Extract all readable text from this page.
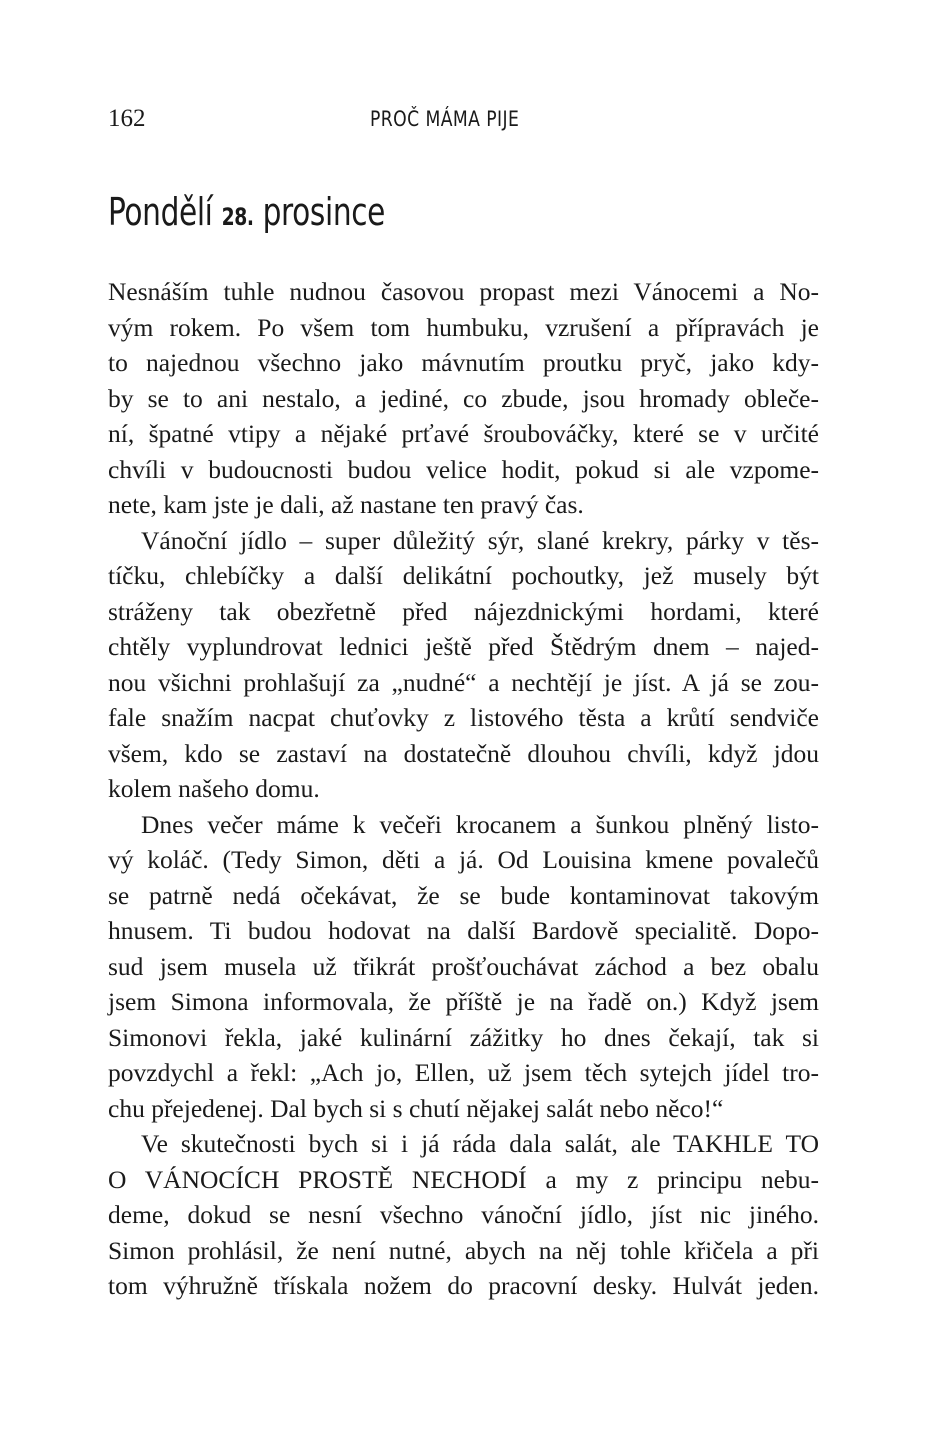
162	PROČ MÁMA PIJE
Pondělí 28. prosince

Nesnáším tuhle nudnou časovou propast mezi Vánocemi a No-
vým rokem. Po všem tom humbuku, vzrušení a přípravách je
to najednou všechno jako mávnutím proutku pryč, jako kdy-
by se to ani nestalo, a jediné, co zbude, jsou hromady obleče-
ní, špatné vtipy a nějaké prťavé šroubováčky, které se v určité
chvíli v budoucnosti budou velice hodit, pokud si ale vzpome-
nete, kam jste je dali, až nastane ten pravý čas.

Vánoční jídlo – super důležitý sýr, slané krekry, párky v těs-
tíčku, chlebíčky a další delikátní pochoutky, jež musely být
stráženy tak obezřetně před nájezdnickými hordami, které
chtěly vyplundrovat lednici ještě před Štědrým dnem – najed-
nou všichni prohlašují za „nudné“ a nechtějí je jíst. A já se zou-
fale snažím nacpat chuťovky z listového těsta a krůtí sendviče
všem, kdo se zastaví na dostatečně dlouhou chvíli, když jdou
kolem našeho domu.

Dnes večer máme k večeři krocanem a šunkou plněný listo-
vý koláč. (Tedy Simon, děti a já. Od Louisina kmene povalečů
se patrně nedá očekávat, že se bude kontaminovat takovým
hnusem. Ti budou hodovat na další Bardově specialitě. Dopo-
sud jsem musela už třikrát prošťouchávat záchod a bez obalu
jsem Simona informovala, že příště je na řadě on.) Když jsem
Simonovi řekla, jaké kulinární zážitky ho dnes čekají, tak si
povzdychl a řekl: „Ach jo, Ellen, už jsem těch sytejch jídel tro-
chu přejedenej. Dal bych si s chutí nějakej salát nebo něco!“

Ve skutečnosti bych si i já ráda dala salát, ale TAKHLE TO
O VÁNOCÍCH PROSTĚ NECHODÍ a my z principu nebu-
deme, dokud se nesní všechno vánoční jídlo, jíst nic jiného.
Simon prohlásil, že není nutné, abych na něj tohle křičela a při
tom výhružně třískala nožem do pracovní desky. Hulvát jeden.
